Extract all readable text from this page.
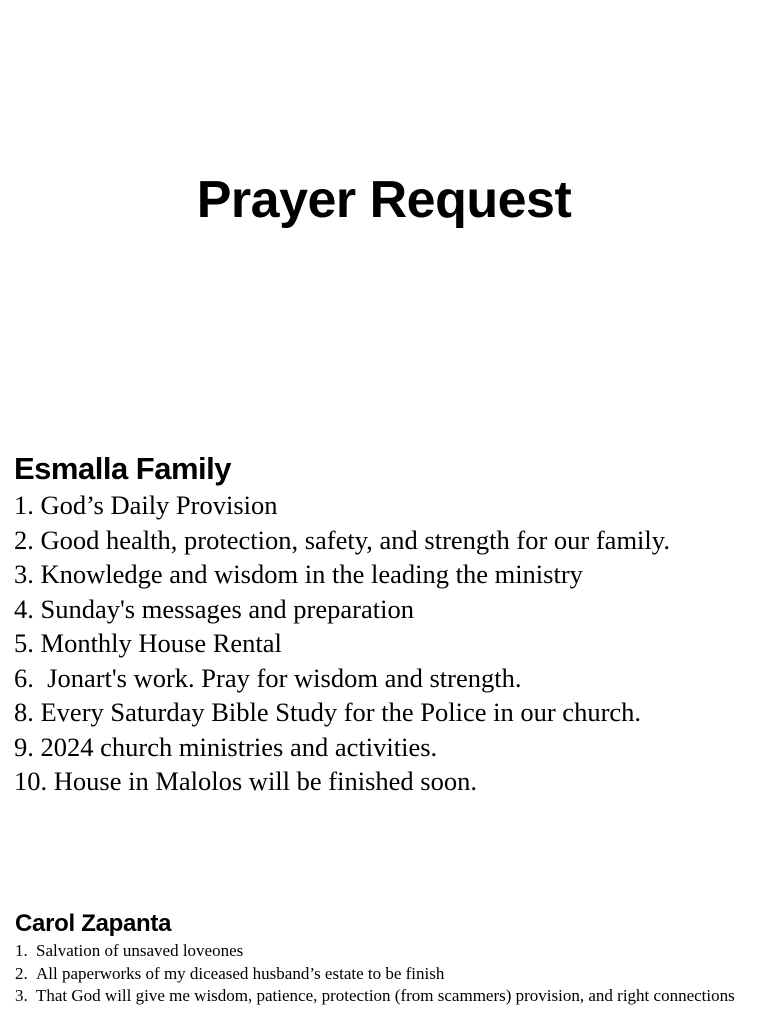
Prayer Request
Esmalla Family
1. God’s Daily Provision
2. Good health, protection, safety, and strength for our family.
3. Knowledge and wisdom in the leading the ministry
4. Sunday's messages and preparation
5. Monthly House Rental
6.  Jonart's work. Pray for wisdom and strength.
8. Every Saturday Bible Study for the Police in our church.
9. 2024 church ministries and activities.
10. House in Malolos will be finished soon.
Carol Zapanta
1. Salvation of unsaved loveones
2. All paperworks of my diceased husband’s estate to be finish
3. That God will give me wisdom, patience, protection (from scammers) provision, and right connections
